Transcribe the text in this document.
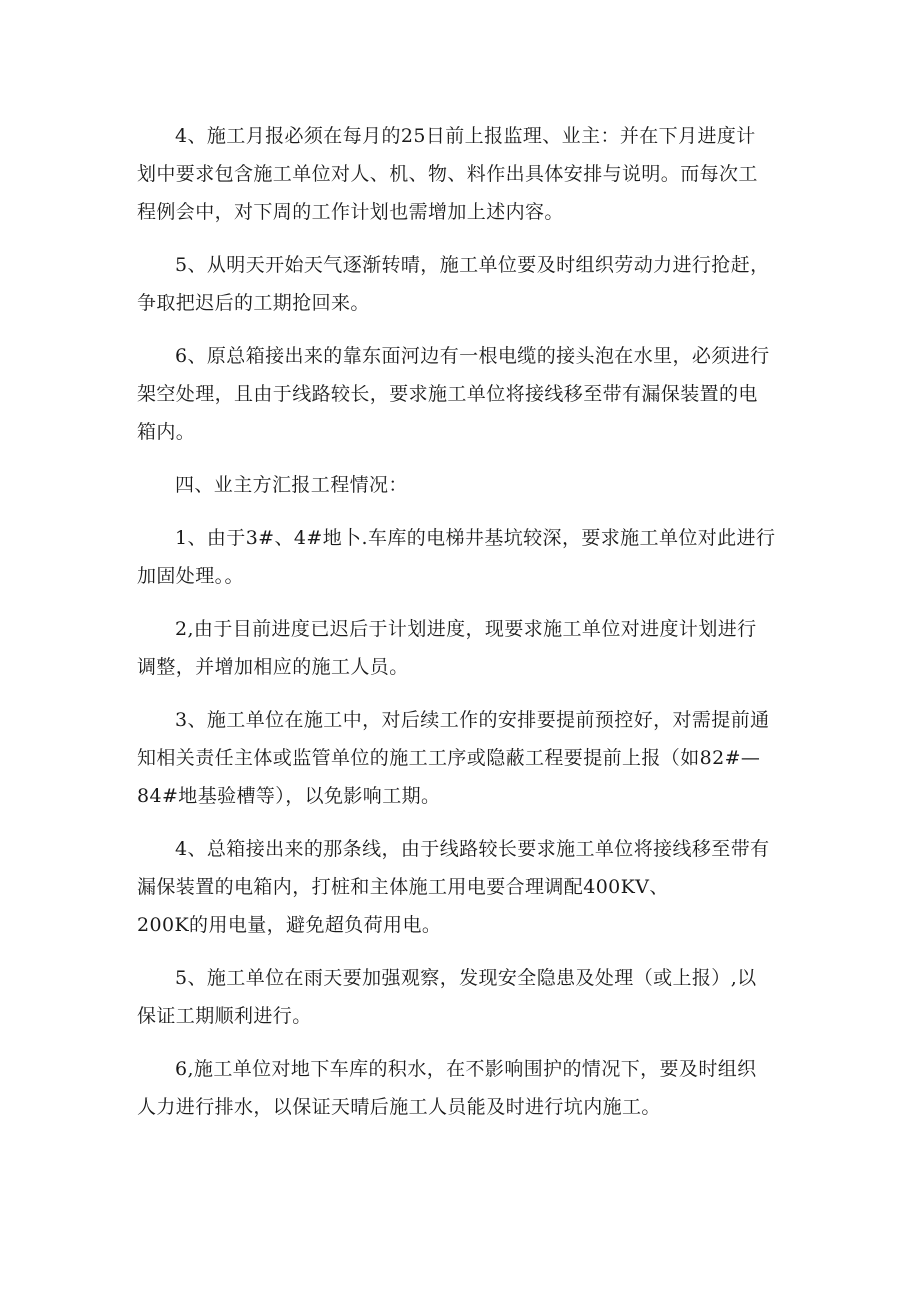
4、施工月报必须在每月的25日前上报监理、业主：并在下月进度计
划中要求包含施工单位对人、机、物、料作出具体安排与说明。而每次工
程例会中，对下周的工作计划也需增加上述内容。

5、从明天开始天气逐渐转晴，施工单位要及时组织劳动力进行抢赶，
争取把迟后的工期抢回来。

6、原总箱接出来的靠东面河边有一根电缆的接头泡在水里，必须进行
架空处理，且由于线路较长，要求施工单位将接线移至带有漏保装置的电
箱内。

四、业主方汇报工程情况：

1、由于3#、4#地卜.车库的电梯井基坑较深，要求施工单位对此进行
加固处理。。

2,由于目前进度已迟后于计划进度，现要求施工单位对进度计划进行
调整，并增加相应的施工人员。

3、施工单位在施工中，对后续工作的安排要提前预控好，对需提前通
知相关责任主体或监管单位的施工工序或隐蔽工程要提前上报（如82#—
84#地基验槽等），以免影响工期。

4、总箱接出来的那条线，由于线路较长要求施工单位将接线移至带有
漏保装置的电箱内，打桩和主体施工用电要合理调配400KV、
200K的用电量，避免超负荷用电。

5、施工单位在雨天要加强观察，发现安全隐患及处理（或上报）,以
保证工期顺利进行。

6,施工单位对地下车库的积水，在不影响围护的情况下，要及时组织
人力进行排水，以保证天晴后施工人员能及时进行坑内施工。
